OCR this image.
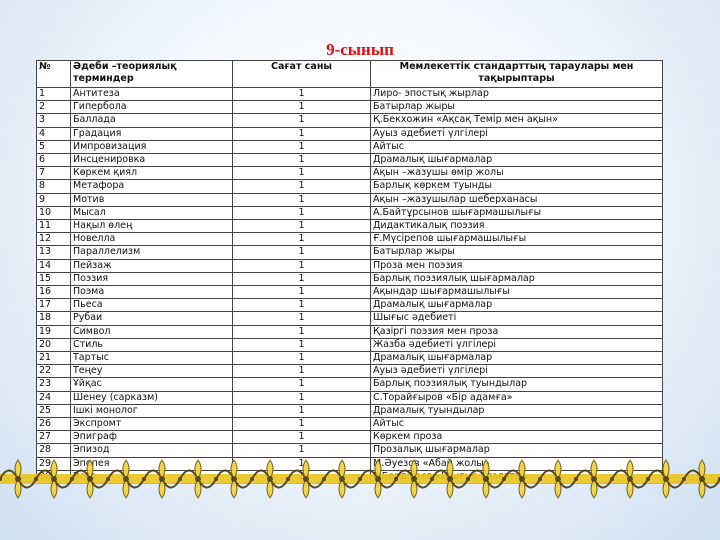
9-сынып
№	Әдеби –теориялық терминдер	Сағат саны	Мемлекеттік стандарттың тараулары мен тақырыптары
1	Антитеза	1	Лиро- эпостық жырлар
2	Гипербола	1	Батырлар жыры
3	Баллада	1	Қ.Бекхожин «Ақсақ Темір мен ақын»
4	Градация	1	Ауыз әдебиеті үлгілері
5	Импровизация	1	Айтыс
6	Инсценировка	1	Драмалық шығармалар
7	Көркем қиял	1	Ақын –жазушы өмір жолы
8	Метафора	1	Барлық көркем туынды
9	Мотив	1	Ақын –жазушылар шеберханасы
10	Мысал	1	А.Байтұрсынов шығармашылығы
11	Нақыл өлең	1	Дидактикалық поэзия
12	Новелла	1	Ғ.Мүсірепов шығармашылығы
13	Параллелизм	1	Батырлар жыры
14	Пейзаж	1	Проза мен поэзия
15	Поэзия	1	Барлық поэзиялық шығармалар
16	Поэма	1	Ақындар шығармашылығы
17	Пьеса	1	Драмалық шығармалар
18	Рубаи	1	Шығыс әдебиеті
19	Символ	1	Қазіргі поэзия мен проза
20	Стиль	1	Жазба әдебиеті үлгілері
21	Тартыс	1	Драмалық шығармалар
22	Теңеу	1	Ауыз әдебиеті үлгілері
23	Ұйқас	1	Барлық поэзиялық туындылар
24	Шенеу (сарказм)	1	С.Торайғыров «Бір адамға»
25	Ішкі монолог	1	Драмалық туындылар
26	Экспромт	1	Айтыс
27	Эпиграф	1	Көркем проза
28	Эпизод	1	Прозалық шығармалар
